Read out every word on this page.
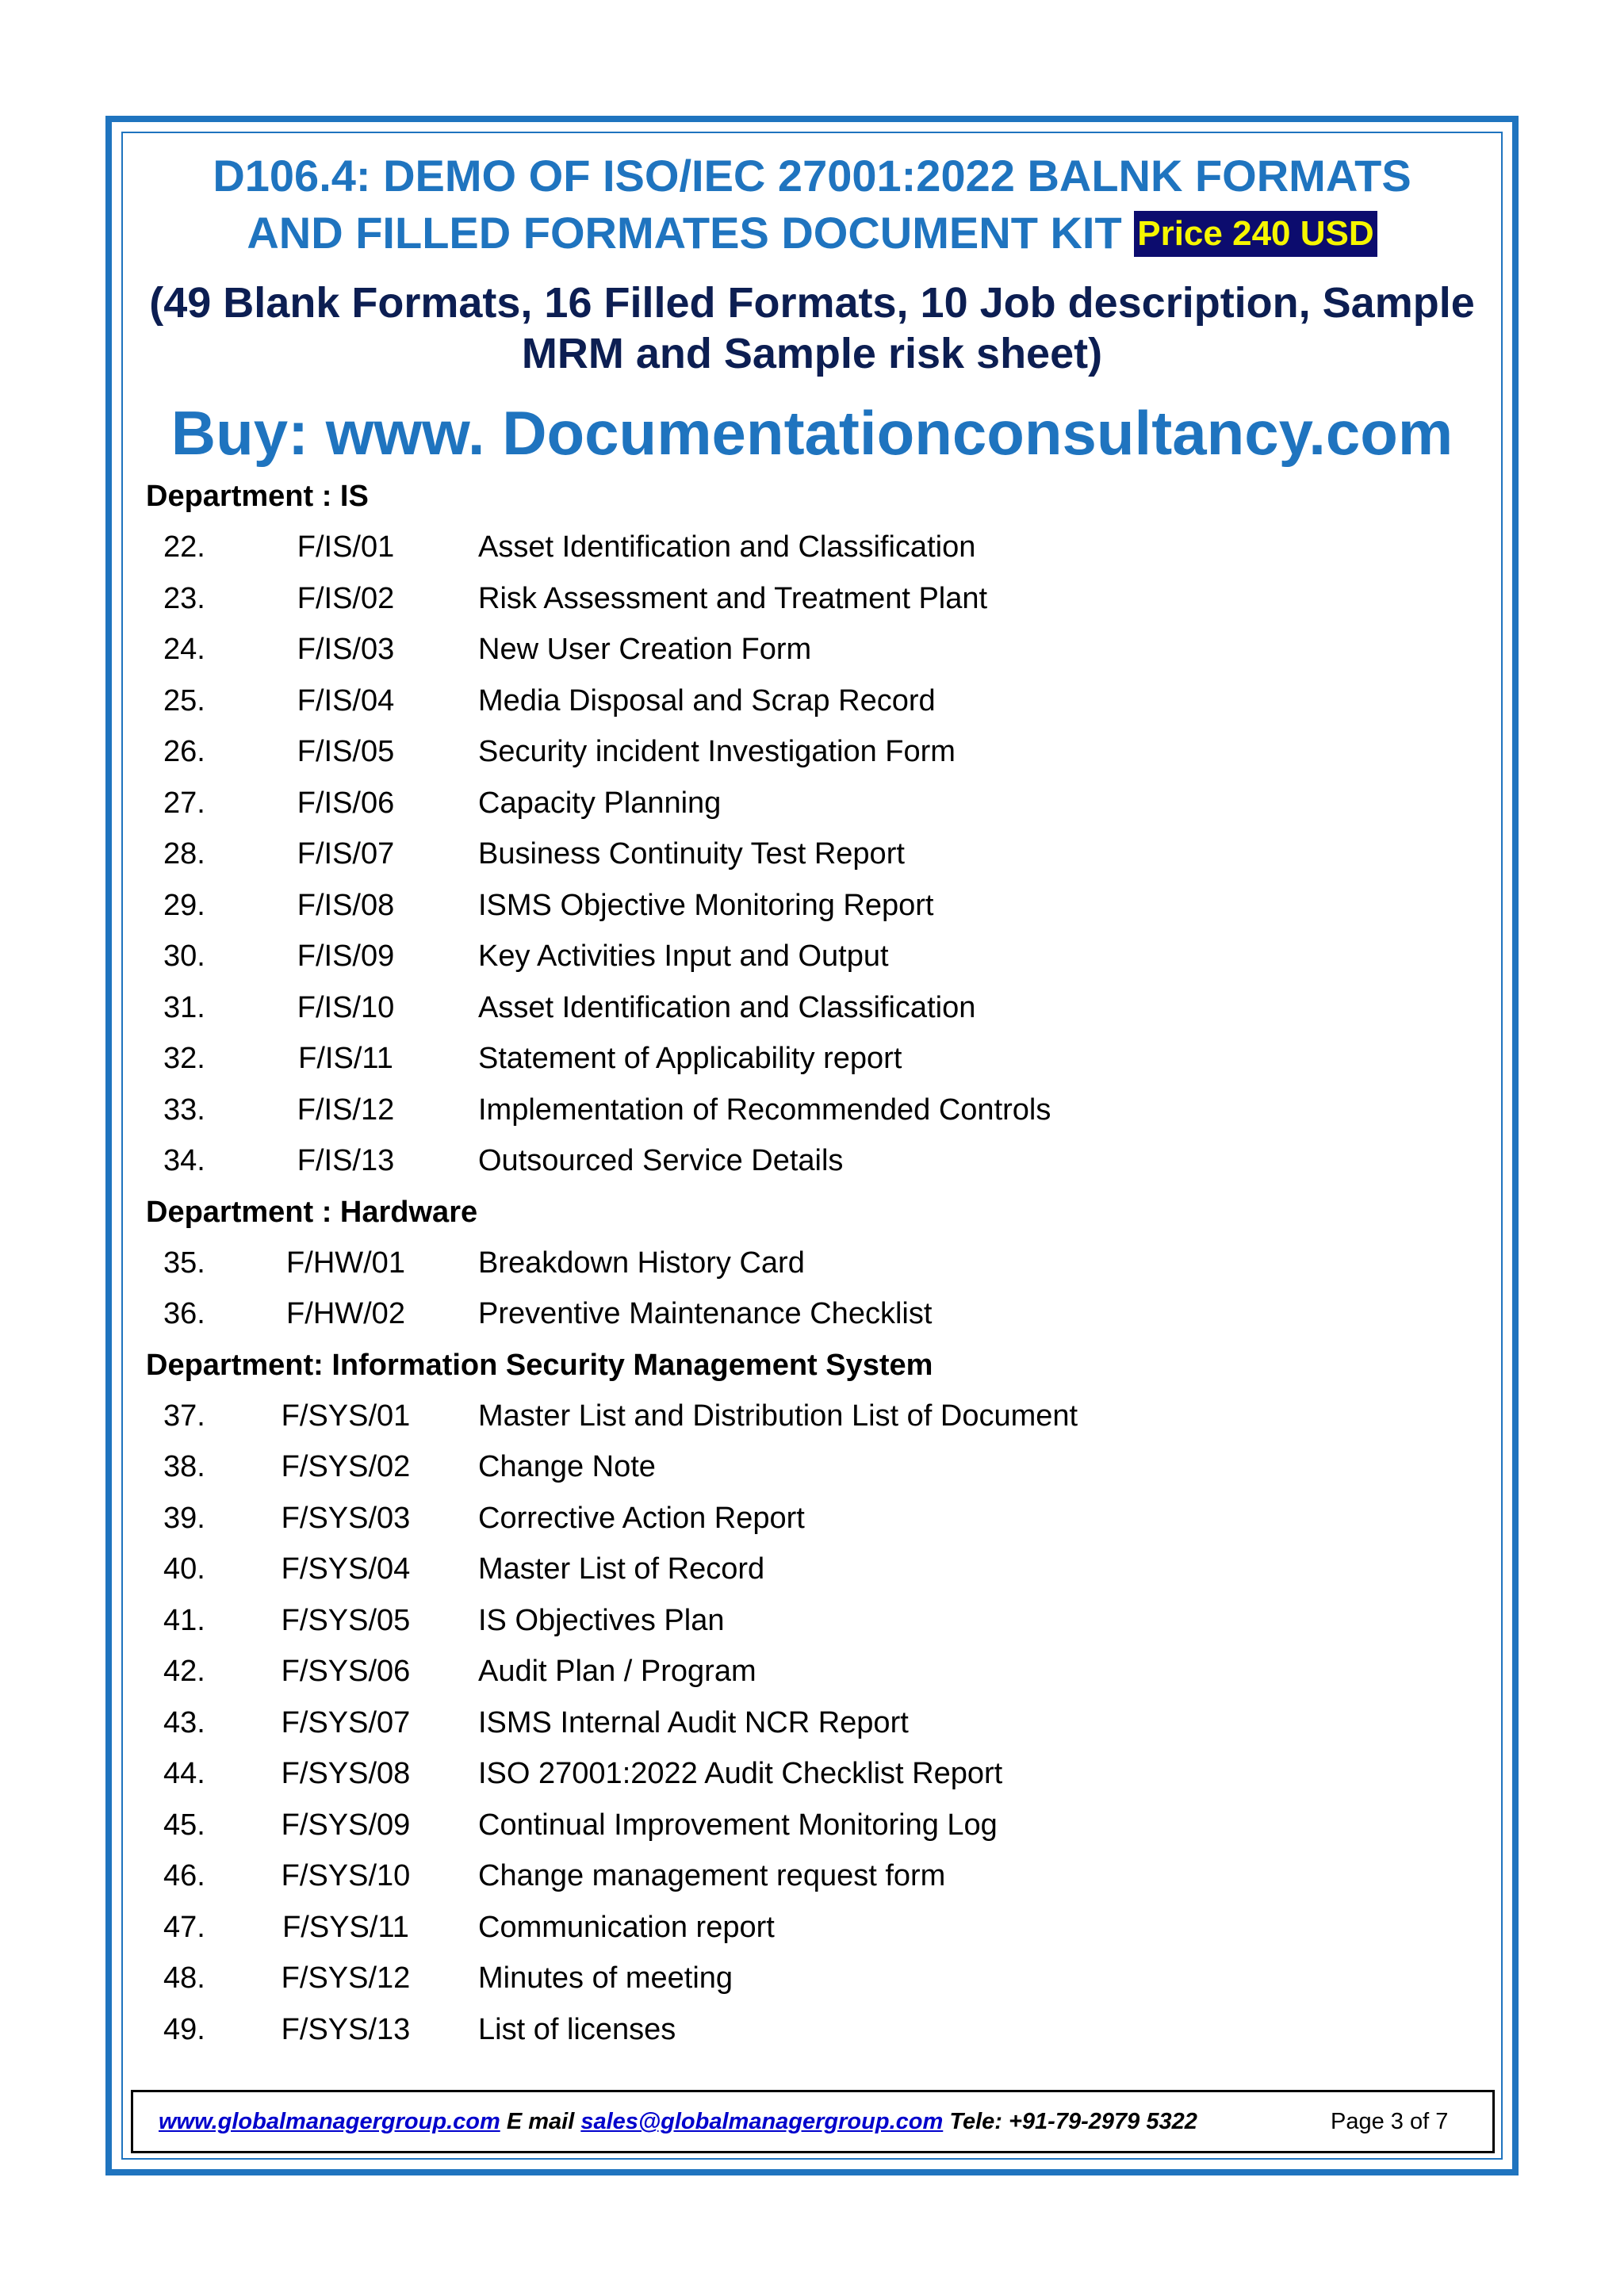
D106.4: DEMO OF ISO/IEC 27001:2022 BALNK FORMATS
AND FILLED FORMATES DOCUMENT KIT Price 240 USD
(49 Blank Formats, 16 Filled Formats, 10 Job description, Sample
MRM and Sample risk sheet)
Buy: www. Documentationconsultancy.com
Department : IS
22.	F/IS/01	Asset Identification and Classification
23.	F/IS/02	Risk Assessment and Treatment Plant
24.	F/IS/03	New User Creation Form
25.	F/IS/04	Media Disposal and Scrap Record
26.	F/IS/05	Security incident Investigation Form
27.	F/IS/06	Capacity Planning
28.	F/IS/07	Business Continuity Test Report
29.	F/IS/08	ISMS Objective Monitoring Report
30.	F/IS/09	Key Activities Input and Output
31.	F/IS/10	Asset Identification and Classification
32.	F/IS/11	Statement of Applicability report
33.	F/IS/12	Implementation of Recommended Controls
34.	F/IS/13	Outsourced Service Details
Department : Hardware
35.	F/HW/01	Breakdown History Card
36.	F/HW/02	Preventive Maintenance Checklist
Department: Information Security Management System
37.	F/SYS/01	Master List and Distribution List of Document
38.	F/SYS/02	Change Note
39.	F/SYS/03	Corrective Action Report
40.	F/SYS/04	Master List of Record
41.	F/SYS/05	IS Objectives Plan
42.	F/SYS/06	Audit Plan / Program
43.	F/SYS/07	ISMS Internal Audit NCR Report
44.	F/SYS/08	ISO 27001:2022 Audit Checklist Report
45.	F/SYS/09	Continual Improvement Monitoring Log
46.	F/SYS/10	Change management request form
47.	F/SYS/11	Communication report
48.	F/SYS/12	Minutes of meeting
49.	F/SYS/13	List of licenses
www.globalmanagergroup.com E mail sales@globalmanagergroup.com Tele: +91-79-2979 5322	Page 3 of 7
